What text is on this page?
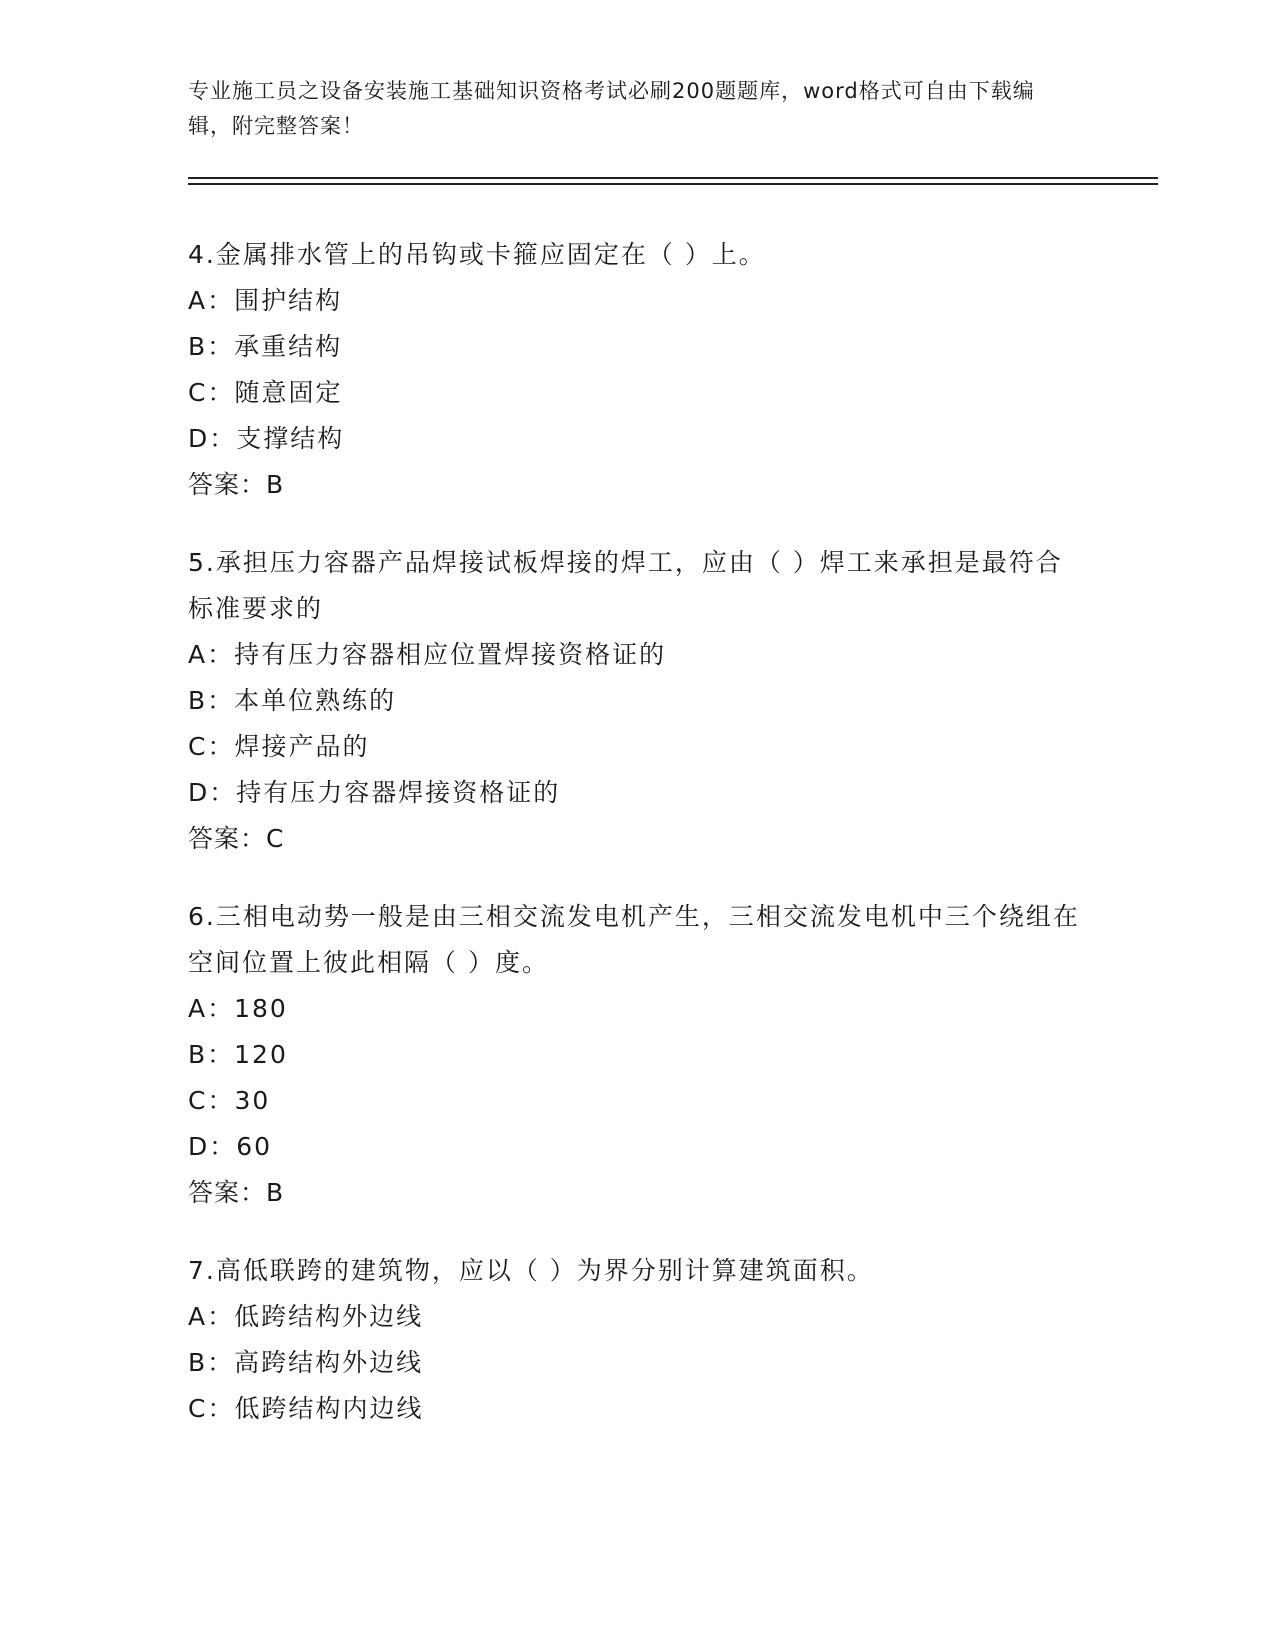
专业施工员之设备安装施工基础知识资格考试必刷200题题库，word格式可自由下载编辑，附完整答案！
4.金属排水管上的吊钩或卡箍应固定在（ ）上。
A：围护结构
B：承重结构
C：随意固定
D：支撑结构
答案：B
5.承担压力容器产品焊接试板焊接的焊工，应由（ ）焊工来承担是最符合标准要求的
A：持有压力容器相应位置焊接资格证的
B：本单位熟练的
C：焊接产品的
D：持有压力容器焊接资格证的
答案：C
6.三相电动势一般是由三相交流发电机产生，三相交流发电机中三个绕组在空间位置上彼此相隔（ ）度。
A：180
B：120
C：30
D：60
答案：B
7.高低联跨的建筑物，应以（ ）为界分别计算建筑面积。
A：低跨结构外边线
B：高跨结构外边线
C：低跨结构内边线
